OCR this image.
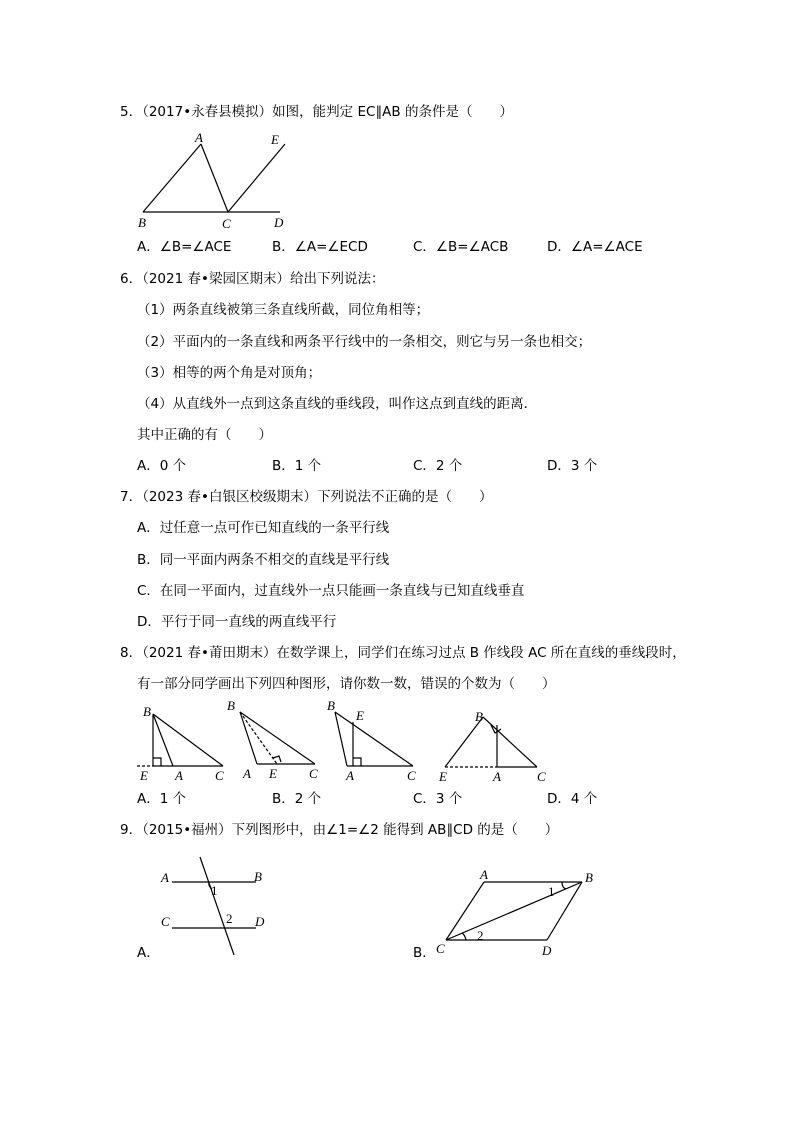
5．（2017•永春县模拟）如图，能判定 EC∥AB 的条件是（　　）
A	E
B	C	D
A．∠B=∠ACE	B．∠A=∠ECD	C．∠B=∠ACB	D．∠A=∠ACE
6．（2021 春•梁园区期末）给出下列说法：
（1）两条直线被第三条直线所截，同位角相等；
（2）平面内的一条直线和两条平行线中的一条相交，则它与另一条也相交；
（3）相等的两个角是对顶角；
（4）从直线外一点到这条直线的垂线段，叫作这点到直线的距离．
其中正确的有（　　）
A．0 个	B．1 个	C．2 个	D．3 个
7．（2023 春•白银区校级期末）下列说法不正确的是（　　）
A．过任意一点可作已知直线的一条平行线
B．同一平面内两条不相交的直线是平行线
C．在同一平面内，过直线外一点只能画一条直线与已知直线垂直
D．平行于同一直线的两直线平行
8．（2021 春•莆田期末）在数学课上，同学们在练习过点 B 作线段 AC 所在直线的垂线段时，
有一部分同学画出下列四种图形，请你数一数，错误的个数为（　　）
B
E A C
B
A E C
B
E
A	C
B
E	A	C
A．1 个	B．2 个	C．3 个	D．4 个
9．（2015•福州）下列图形中，由∠1=∠2 能得到 AB∥CD 的是（　　）
A	B
1
C	2 D
A	B
1
2
C	D
A．	B．
